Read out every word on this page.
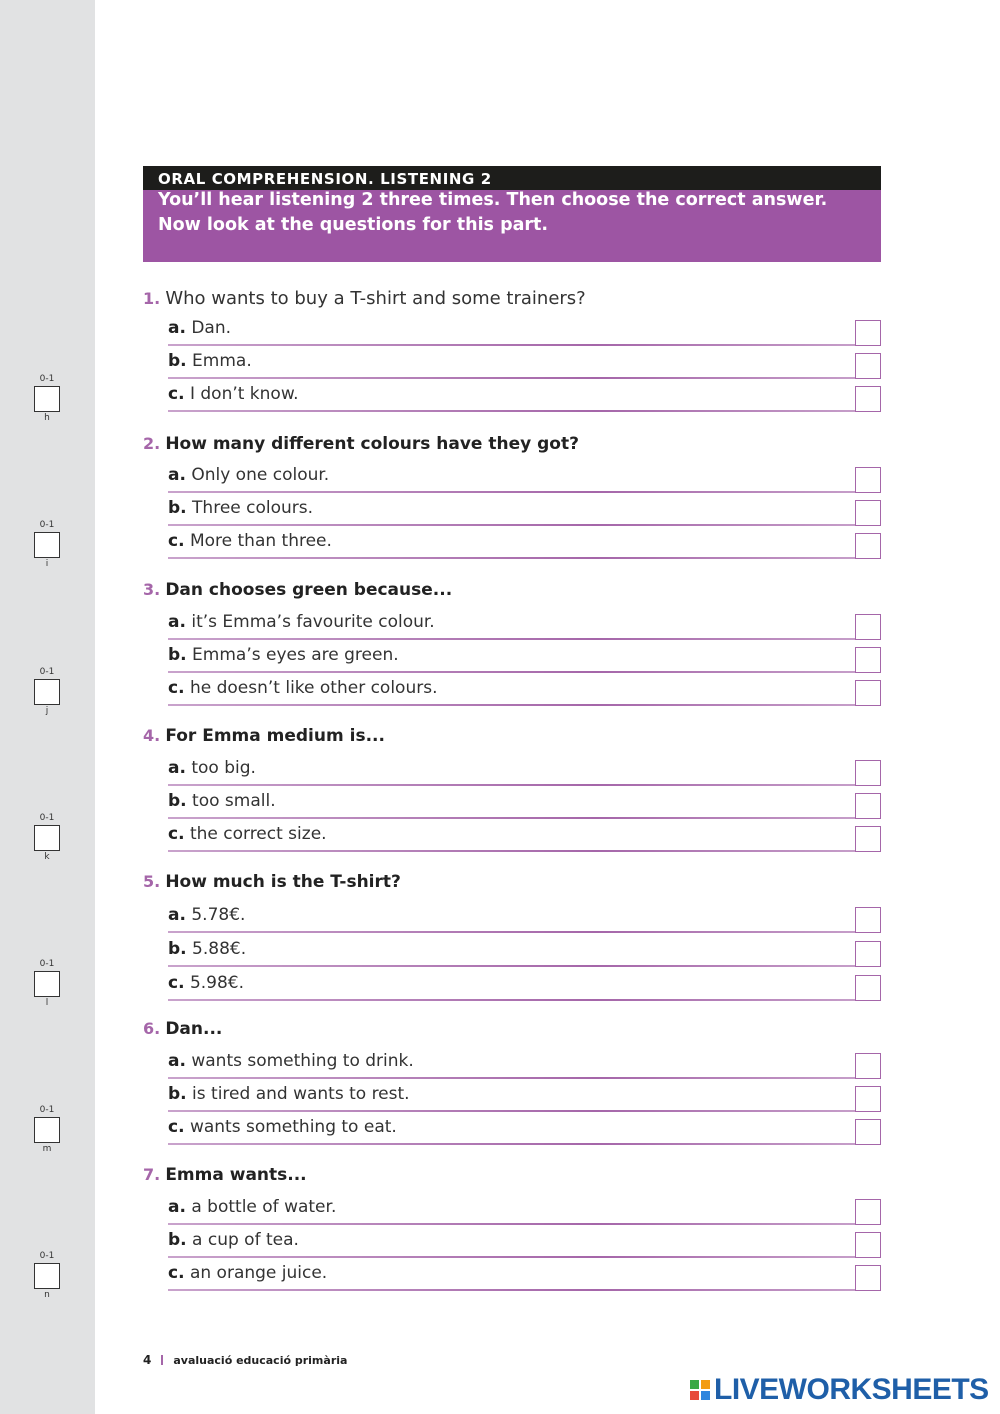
0-1
h
0-1
i
0-1
j
0-1
k
0-1
l
0-1
m
0-1
n
ORAL COMPREHENSION. LISTENING 2
You’ll hear listening 2 three times. Then choose the correct answer.
Now look at the questions for this part.
1. Who wants to buy a T-shirt and some trainers?
a. Dan.
b. Emma.
c. I don’t know.
2. How many different colours have they got?
a. Only one colour.
b. Three colours.
c. More than three.
3. Dan chooses green because...
a. it’s Emma’s favourite colour.
b. Emma’s eyes are green.
c. he doesn’t like other colours.
4. For Emma medium is...
a. too big.
b. too small.
c. the correct size.
5. How much is the T-shirt?
a. 5.78€.
b. 5.88€.
c. 5.98€.
6. Dan...
a. wants something to drink.
b. is tired and wants to rest.
c. wants something to eat.
7. Emma wants...
a. a bottle of water.
b. a cup of tea.
c. an orange juice.
4 avaluació educació primària
LIVEWORKSHEETS
